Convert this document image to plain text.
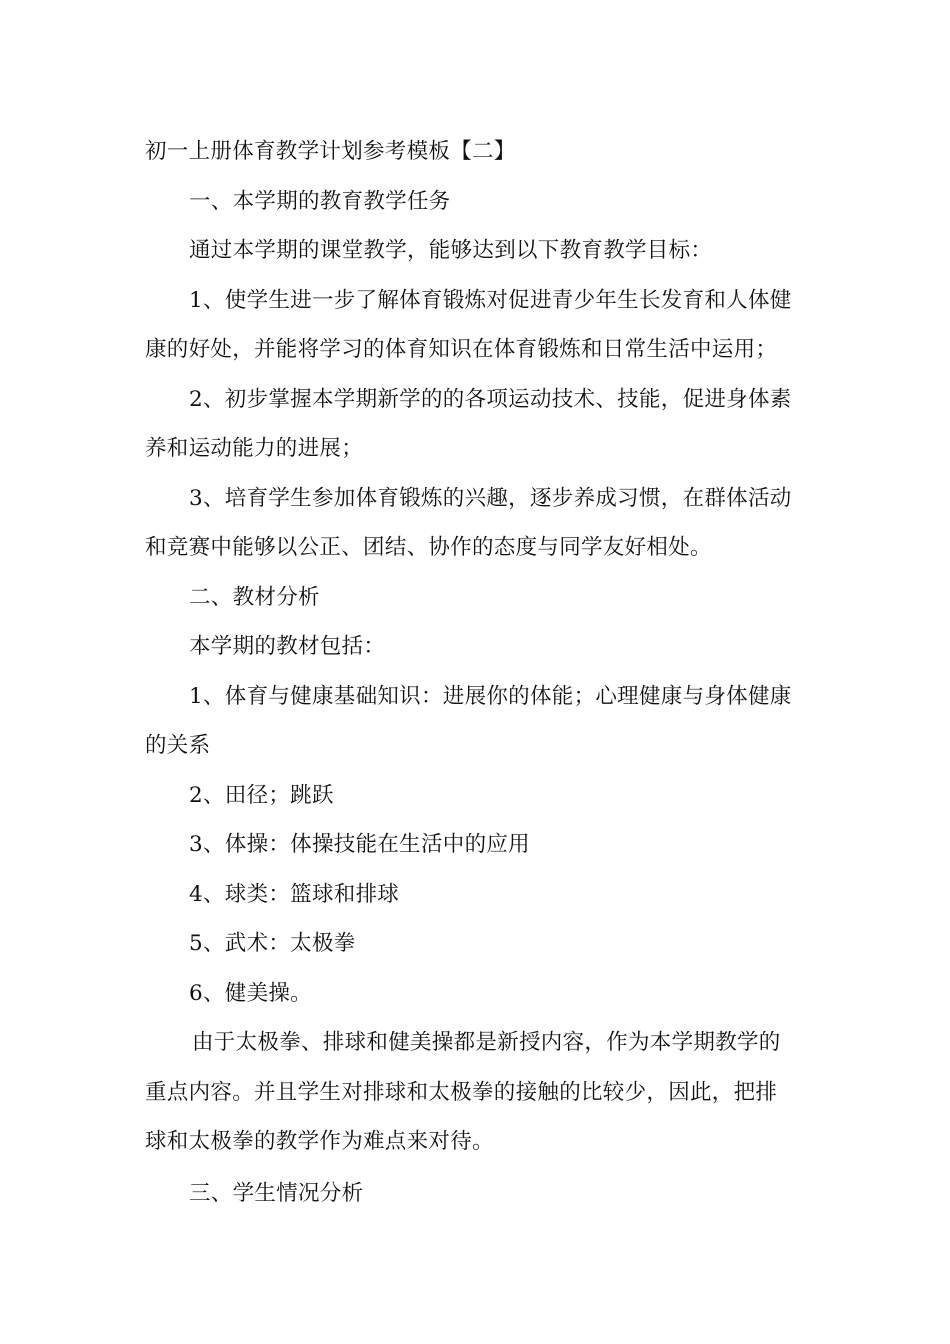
初一上册体育教学计划参考模板【二】

一、本学期的教育教学任务

通过本学期的课堂教学，能够达到以下教育教学目标：

1、使学生进一步了解体育锻炼对促进青少年生长发育和人体健

康的好处，并能将学习的体育知识在体育锻炼和日常生活中运用；

2、初步掌握本学期新学的的各项运动技术、技能，促进身体素

养和运动能力的进展；

3、培育学生参加体育锻炼的兴趣，逐步养成习惯，在群体活动

和竞赛中能够以公正、团结、协作的态度与同学友好相处。

二、教材分析

本学期的教材包括：

1、体育与健康基础知识：进展你的体能；心理健康与身体健康

的关系

2、田径；跳跃

3、体操：体操技能在生活中的应用

4、球类：篮球和排球

5、武术：太极拳

6、健美操。

由于太极拳、排球和健美操都是新授内容，作为本学期教学的

重点内容。并且学生对排球和太极拳的接触的比较少，因此，把排

球和太极拳的教学作为难点来对待。

三、学生情况分析
